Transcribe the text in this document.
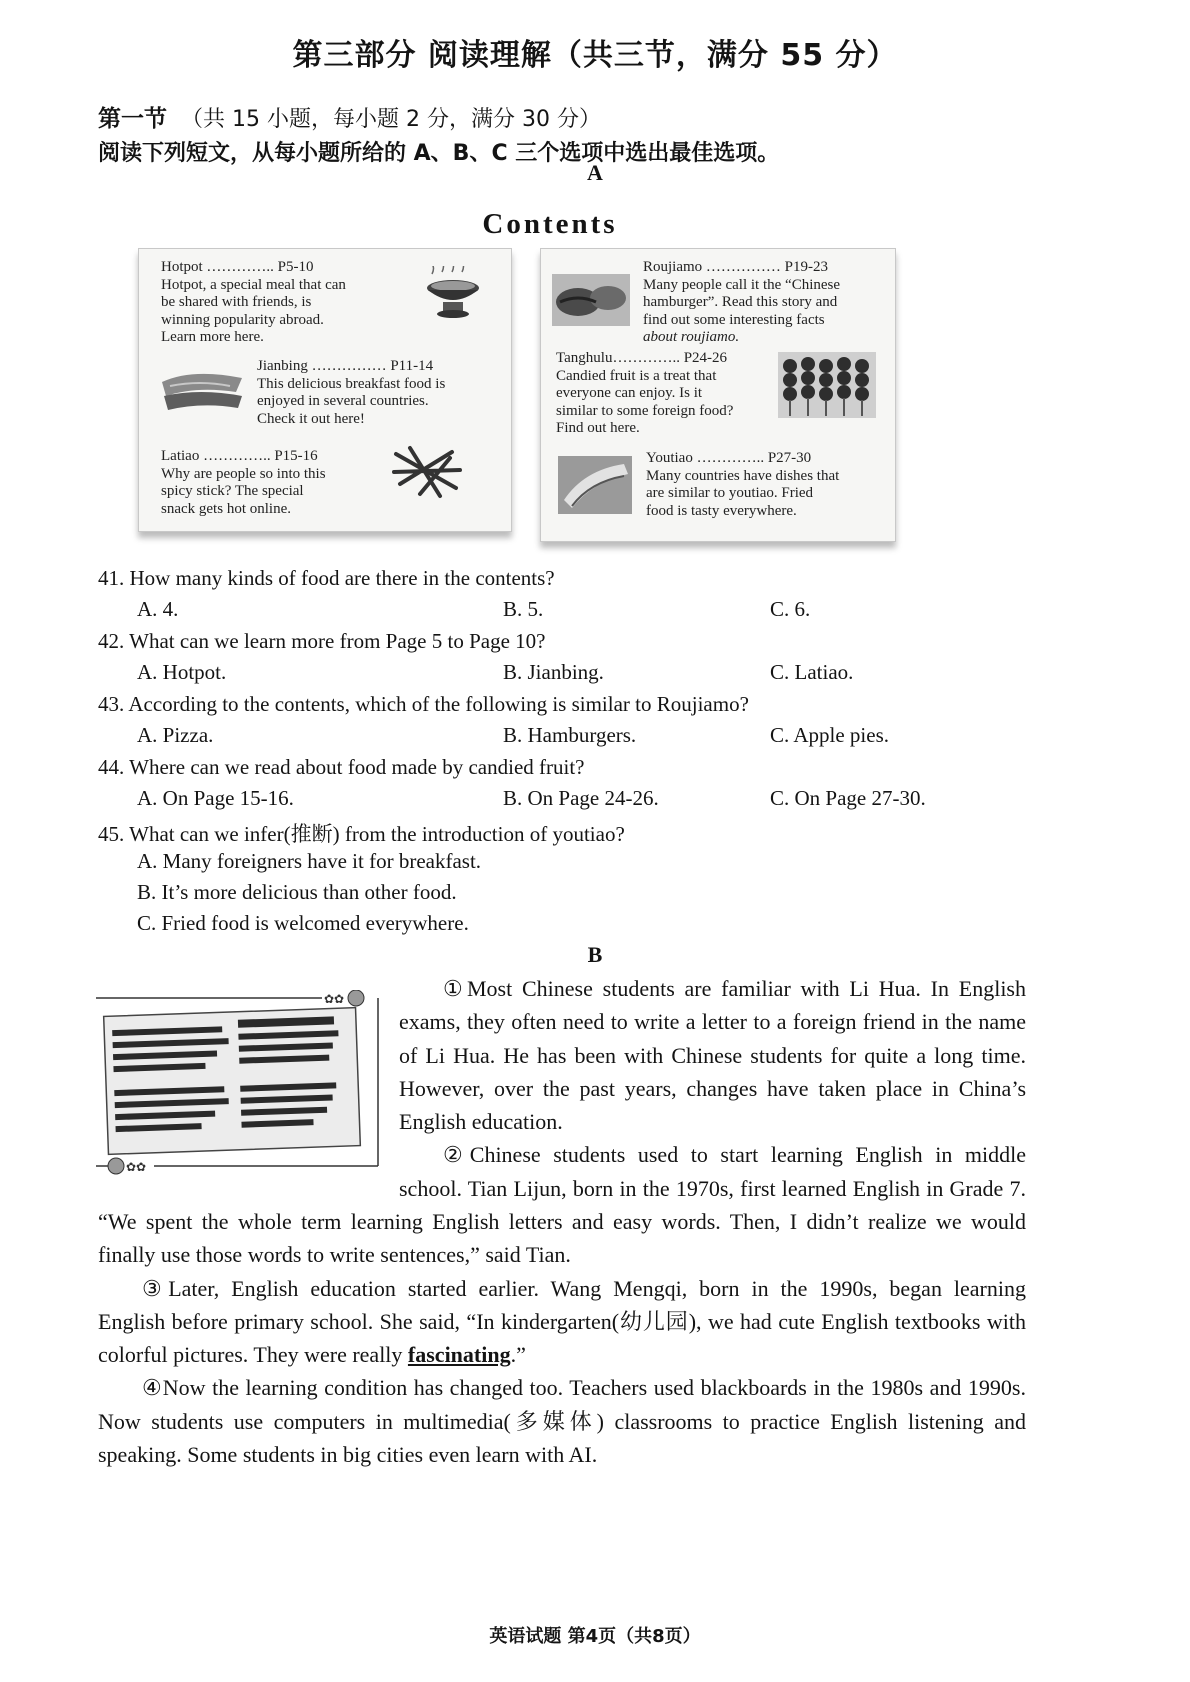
第三部分 阅读理解（共三节，满分 55 分）
第一节 （共 15 小题，每小题 2 分，满分 30 分）
阅读下列短文，从每小题所给的 A、B、C 三个选项中选出最佳选项。
A
Contents
Hotpot ………….. P5-10
Hotpot, a special meal that can
be shared with friends, is
winning popularity abroad.
Learn more here.
Jianbing …………… P11-14
This delicious breakfast food is
enjoyed in several countries.
Check it out here!
Latiao ………….. P15-16
Why are people so into this
spicy stick? The special
snack gets hot online.
Roujiamo …………… P19-23
Many people call it the “Chinese
hamburger”. Read this story and
find out some interesting facts
about roujiamo.
Tanghulu………….. P24-26
Candied fruit is a treat that
everyone can enjoy. Is it
similar to some foreign food?
Find out here.
Youtiao ………….. P27-30
Many countries have dishes that
are similar to youtiao. Fried
food is tasty everywhere.
41. How many kinds of food are there in the contents?
A. 4.	B. 5.	C. 6.
42. What can we learn more from Page 5 to Page 10?
A. Hotpot.	B. Jianbing.	C. Latiao.
43. According to the contents, which of the following is similar to Roujiamo?
A. Pizza.	B. Hamburgers.	C. Apple pies.
44. Where can we read about food made by candied fruit?
A. On Page 15-16.	B. On Page 24-26.	C. On Page 27-30.
45. What can we infer(推断) from the introduction of youtiao?
A. Many foreigners have it for breakfast.
B. It’s more delicious than other food.
C. Fried food is welcomed everywhere.
B
✿✿
✿✿
①Most Chinese students are familiar with Li Hua. In English
exams, they often need to write a letter to a foreign friend in the name
of Li Hua. He has been with Chinese students for quite a long time.
However, over the past years, changes have taken place in China’s
English education.
②Chinese students used to start learning English in middle
school. Tian Lijun, born in the 1970s, first learned English in Grade 7.
“We spent the whole term learning English letters and easy words. Then, I didn’t realize we would
finally use those words to write sentences,” said Tian.
③Later, English education started earlier. Wang Mengqi, born in the 1990s, began learning
English before primary school. She said, “In kindergarten(幼儿园), we had cute English textbooks with
colorful pictures. They were really fascinating.”
④Now the learning condition has changed too. Teachers used blackboards in the 1980s and 1990s.
Now students use computers in multimedia(多媒体) classrooms to practice English listening and
speaking. Some students in big cities even learn with AI.
英语试题 第4页（共8页）
